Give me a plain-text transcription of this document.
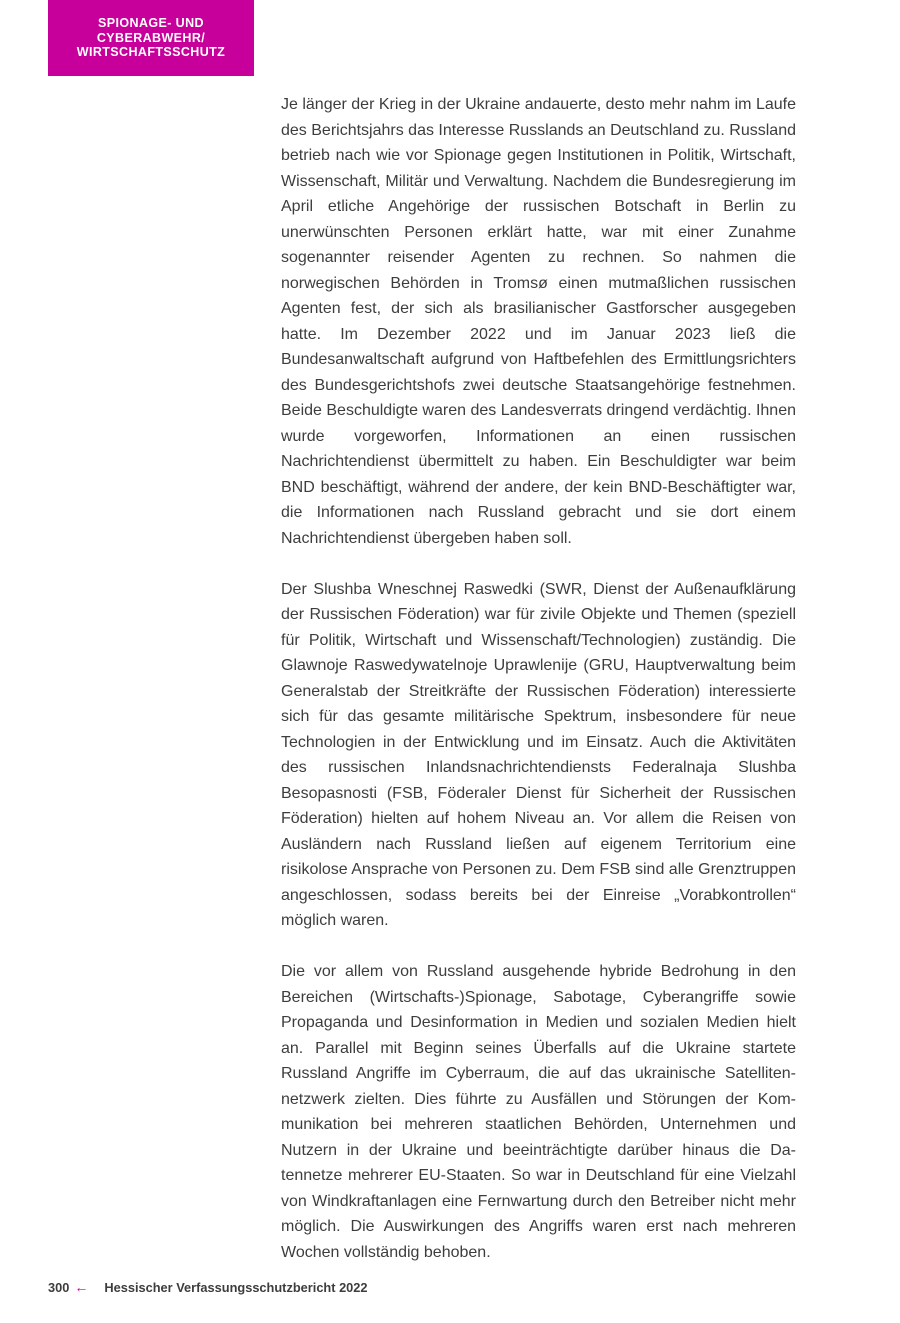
SPIONAGE- UND
CYBERABWEHR/
WIRTSCHAFTSSCHUTZ

Je länger der Krieg in der Ukraine andauerte, desto mehr nahm im Laufe des Berichtsjahrs das Interesse Russlands an Deutschland zu. Russland betrieb nach wie vor Spionage gegen Institutionen in Politik, Wirtschaft, Wissenschaft, Militär und Verwaltung. Nachdem die Bundesregierung im April etliche Angehörige der russischen Botschaft in Berlin zu unerwünschten Personen erklärt hatte, war mit einer Zunahme sogenannter reisender Agenten zu rechnen. So nahmen die norwegischen Behörden in Tromsø einen mutmaßlichen russischen Agenten fest, der sich als brasilianischer Gastforscher ausgegeben hatte. Im Dezember 2022 und im Januar 2023 ließ die Bundesanwaltschaft aufgrund von Haftbefehlen des Ermittlungsrichters des Bundesgerichtshofs zwei deutsche Staatsangehörige festnehmen. Beide Beschuldigte waren des Landesverrats dringend verdächtig. Ihnen wurde vorgeworfen, Informationen an einen russischen Nachrichtendienst übermittelt zu haben. Ein Beschuldigter war beim BND beschäftigt, während der andere, der kein BND-Beschäftigter war, die Informationen nach Russland gebracht und sie dort einem Nachrichtendienst übergeben haben soll.

Der Slushba Wneschnej Raswedki (SWR, Dienst der Außenaufklärung der Russischen Föderation) war für zivile Objekte und Themen (speziell für Politik, Wirtschaft und Wissenschaft/Technologien) zuständig. Die Glawnoje Raswedywatelnoje Uprawlenije (GRU, Hauptverwaltung beim Generalstab der Streitkräfte der Russischen Föderation) interessierte sich für das gesamte militärische Spektrum, insbesondere für neue Technologien in der Entwicklung und im Einsatz. Auch die Aktivitäten des russischen Inlandsnachrichtendiensts Federalnaja Slushba Besopasnosti (FSB, Föderaler Dienst für Sicherheit der Russischen Föderation) hielten auf hohem Niveau an. Vor allem die Reisen von Ausländern nach Russland ließen auf eigenem Territorium eine risikolose Ansprache von Personen zu. Dem FSB sind alle Grenztruppen angeschlossen, sodass bereits bei der Einreise „Vorabkontrollen“ möglich waren.

Die vor allem von Russland ausgehende hybride Bedrohung in den Bereichen (Wirtschafts-)Spionage, Sabotage, Cyberangriffe sowie Propaganda und Desinformation in Medien und sozialen Medien hielt an. Parallel mit Beginn seines Überfalls auf die Ukraine startete Russland Angriffe im Cyberraum, die auf das ukrainische Satellitennetzwerk zielten. Dies führte zu Ausfällen und Störungen der Kommunikation bei mehreren staatlichen Behörden, Unternehmen und Nutzern in der Ukraine und beeinträchtigte darüber hinaus die Datennetze mehrerer EU-Staaten. So war in Deutschland für eine Vielzahl von Windkraftanlagen eine Fernwartung durch den Betreiber nicht mehr möglich. Die Auswirkungen des Angriffs waren erst nach mehreren Wochen vollständig behoben.

300 ← Hessischer Verfassungsschutzbericht 2022
